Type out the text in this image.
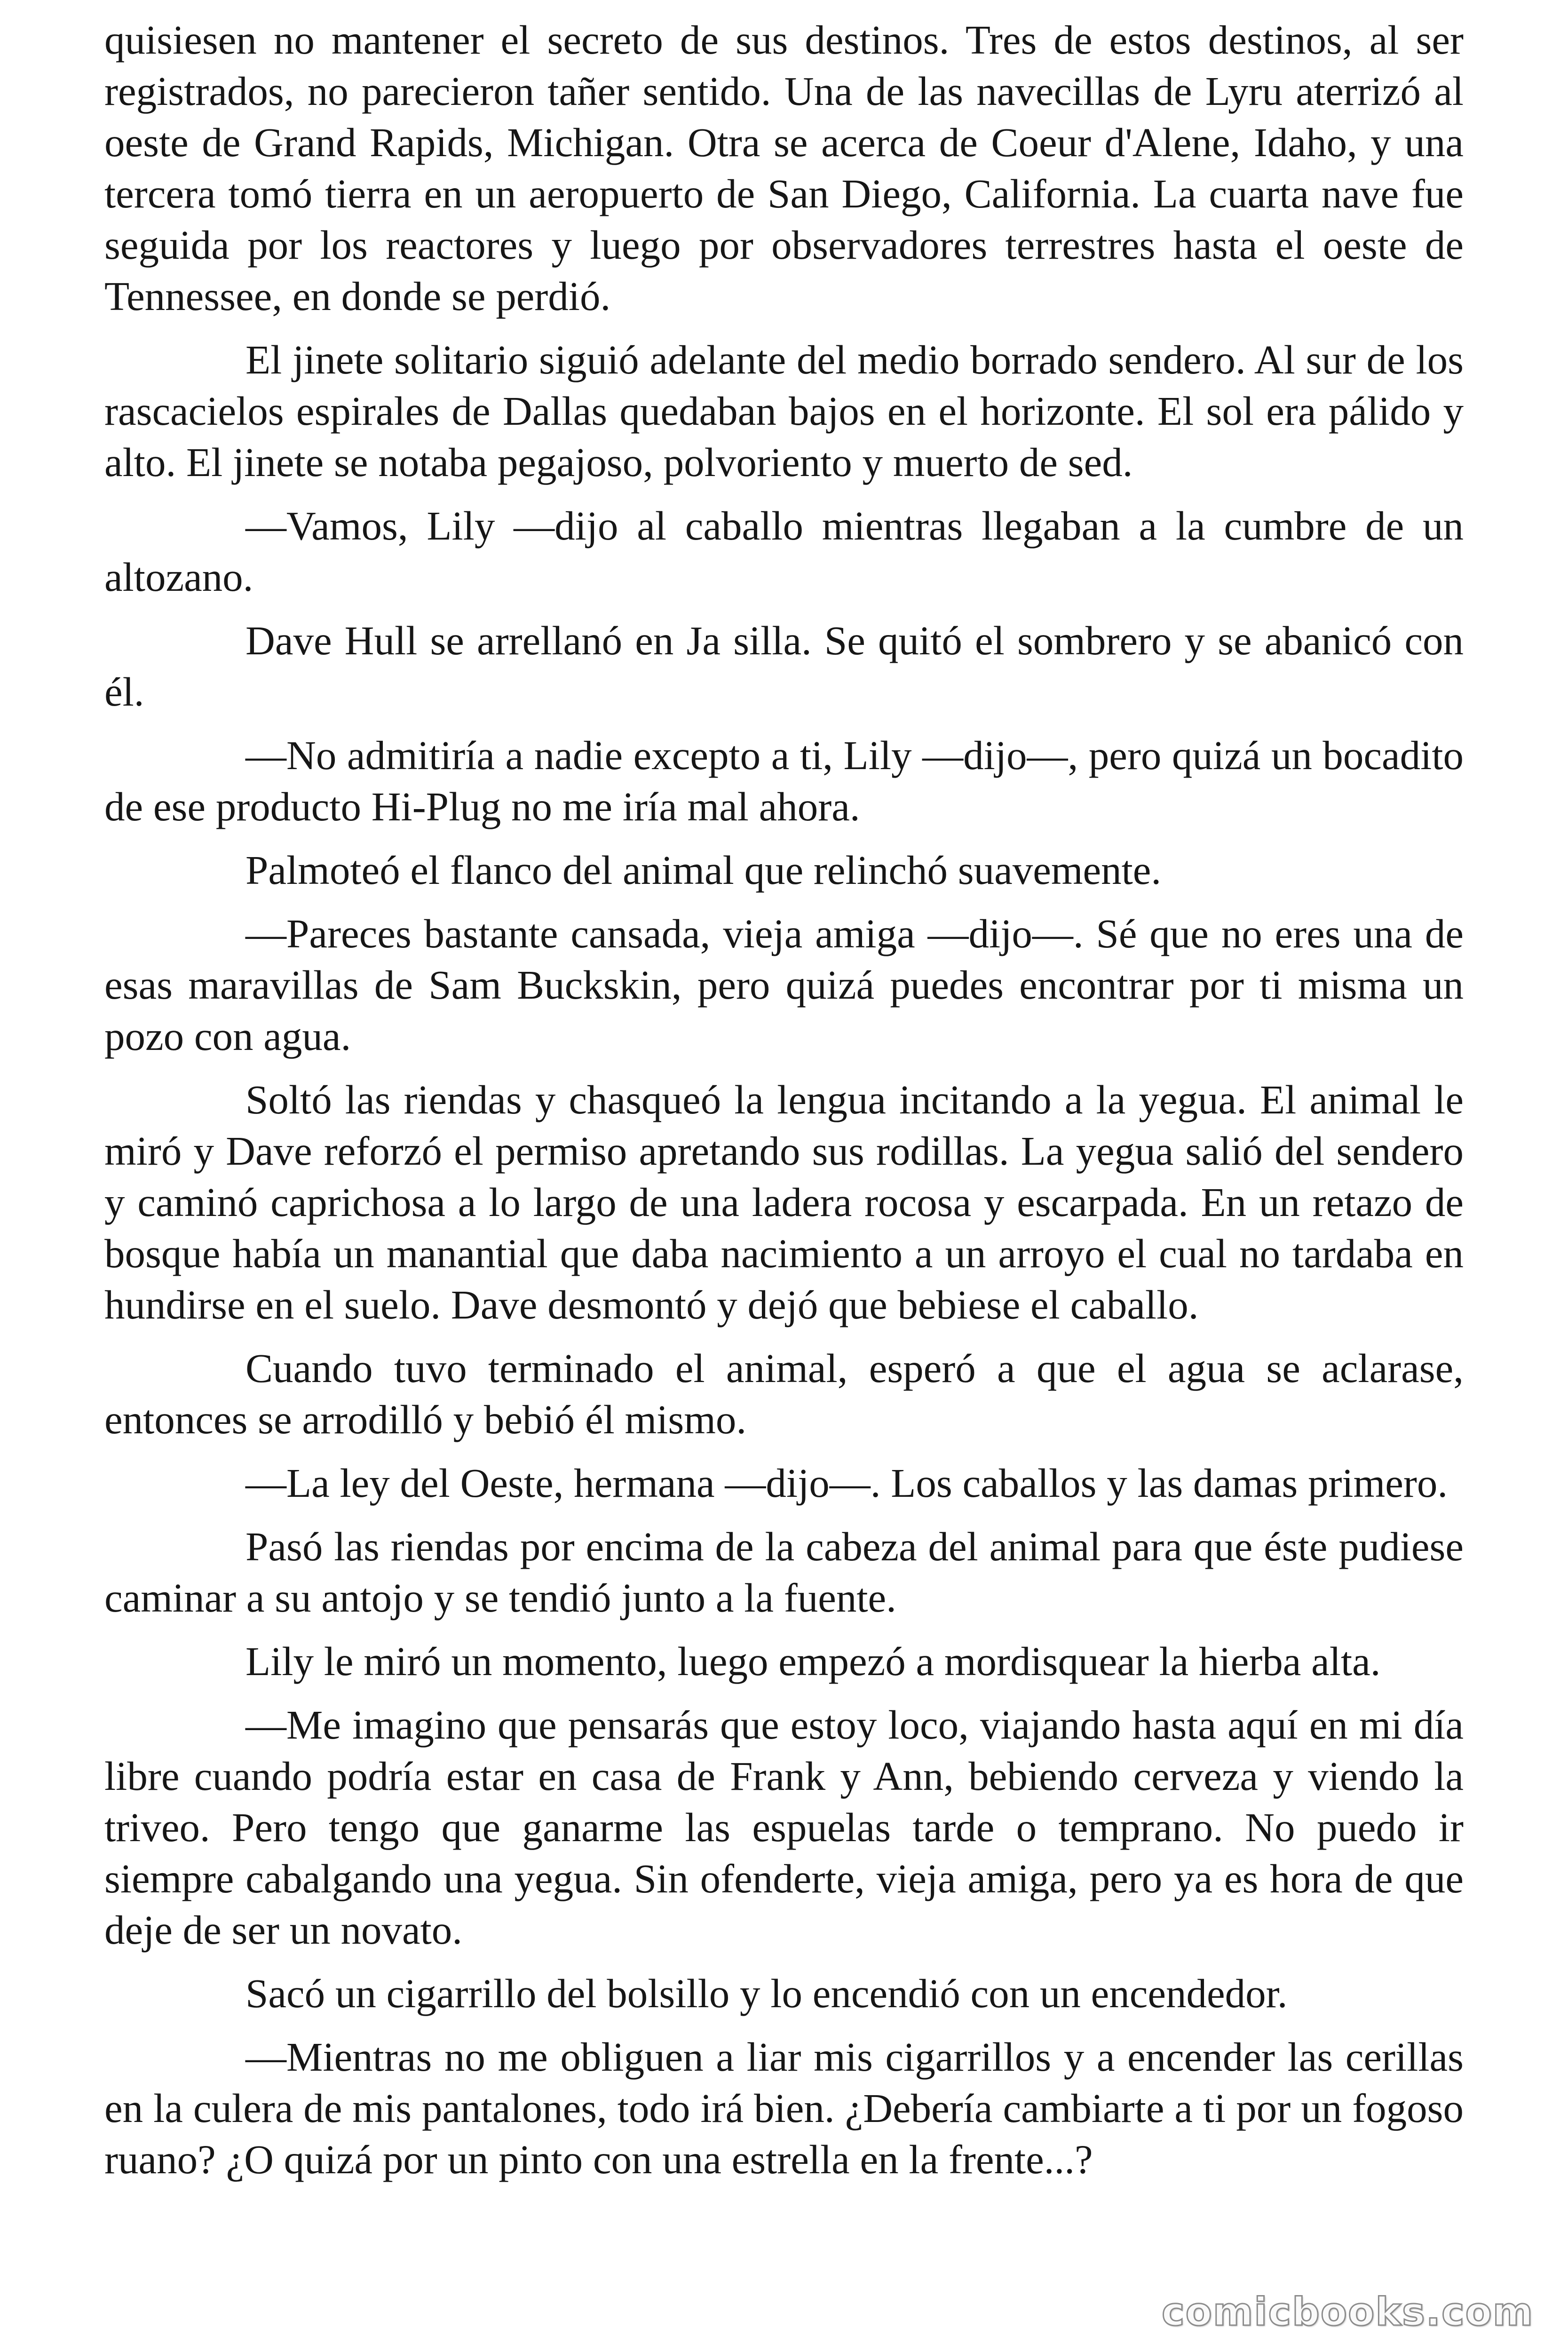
quisiesen no mantener el secreto de sus destinos. Tres de estos destinos, al ser registrados, no parecieron tañer sentido. Una de las navecillas de Lyru aterrizó al oeste de Grand Rapids, Michigan. Otra se acerca de Coeur d'Alene, Idaho, y una tercera tomó tierra en un aeropuerto de San Diego, California. La cuarta nave fue seguida por los reactores y luego por observadores terrestres hasta el oeste de Tennessee, en donde se perdió.

El jinete solitario siguió adelante del medio borrado sendero. Al sur de los rascacielos espirales de Dallas quedaban bajos en el horizonte. El sol era pálido y alto. El jinete se notaba pegajoso, polvoriento y muerto de sed.

—Vamos, Lily —dijo al caballo mientras llegaban a la cumbre de un altozano.

Dave Hull se arrellanó en Ja silla. Se quitó el sombrero y se abanicó con él.

—No admitiría a nadie excepto a ti, Lily —dijo—, pero quizá un bocadito de ese producto Hi-Plug no me iría mal ahora.

Palmoteó el flanco del animal que relinchó suavemente.

—Pareces bastante cansada, vieja amiga —dijo—. Sé que no eres una de esas maravillas de Sam Buckskin, pero quizá puedes encontrar por ti misma un pozo con agua.

Soltó las riendas y chasqueó la lengua incitando a la yegua. El animal le miró y Dave reforzó el permiso apretando sus rodillas. La yegua salió del sendero y caminó caprichosa a lo largo de una ladera rocosa y escarpada. En un retazo de bosque había un manantial que daba nacimiento a un arroyo el cual no tardaba en hundirse en el suelo. Dave desmontó y dejó que bebiese el caballo.

Cuando tuvo terminado el animal, esperó a que el agua se aclarase, entonces se arrodilló y bebió él mismo.

—La ley del Oeste, hermana —dijo—. Los caballos y las damas primero.

Pasó las riendas por encima de la cabeza del animal para que éste pudiese caminar a su antojo y se tendió junto a la fuente.

Lily le miró un momento, luego empezó a mordisquear la hierba alta.

—Me imagino que pensarás que estoy loco, viajando hasta aquí en mi día libre cuando podría estar en casa de Frank y Ann, bebiendo cerveza y viendo la triveo. Pero tengo que ganarme las espuelas tarde o temprano. No puedo ir siempre cabalgando una yegua. Sin ofenderte, vieja amiga, pero ya es hora de que deje de ser un novato.

Sacó un cigarrillo del bolsillo y lo encendió con un encendedor.

—Mientras no me obliguen a liar mis cigarrillos y a encender las cerillas en la culera de mis pantalones, todo irá bien. ¿Debería cambiarte a ti por un fogoso ruano? ¿O quizá por un pinto con una estrella en la frente...?

comicbooks.com
